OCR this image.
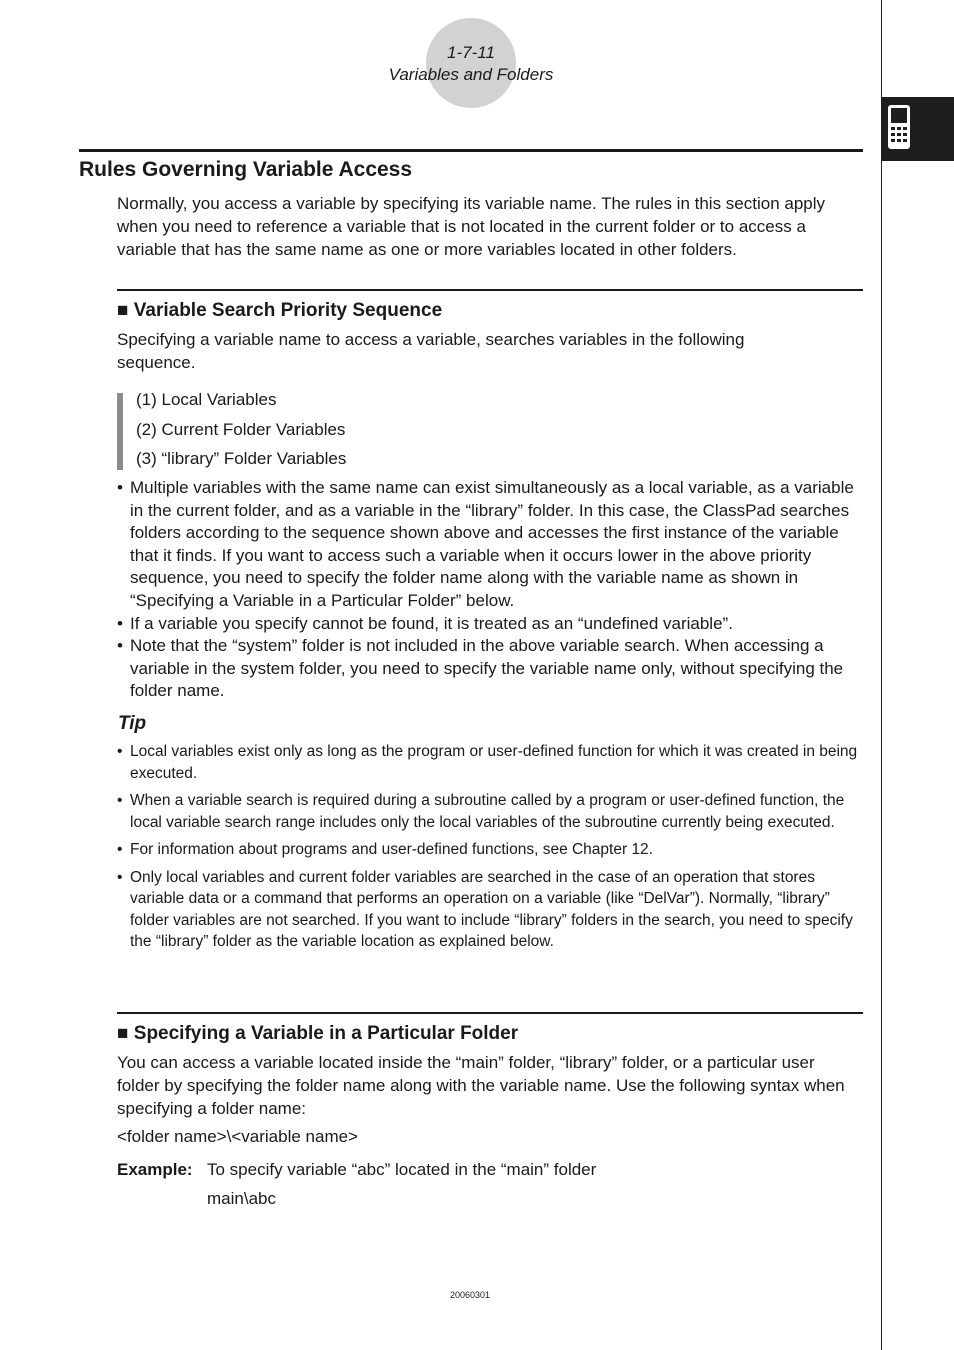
1-7-11
Variables and Folders
Rules Governing Variable Access
Normally, you access a variable by specifying its variable name. The rules in this section apply when you need to reference a variable that is not located in the current folder or to access a variable that has the same name as one or more variables located in other folders.
■ Variable Search Priority Sequence
Specifying a variable name to access a variable, searches variables in the following sequence.
(1) Local Variables
(2) Current Folder Variables
(3) “library” Folder Variables
• Multiple variables with the same name can exist simultaneously as a local variable, as a variable in the current folder, and as a variable in the “library” folder. In this case, the ClassPad searches folders according to the sequence shown above and accesses the first instance of the variable that it finds. If you want to access such a variable when it occurs lower in the above priority sequence, you need to specify the folder name along with the variable name as shown in “Specifying a Variable in a Particular Folder” below.
• If a variable you specify cannot be found, it is treated as an “undefined variable”.
• Note that the “system” folder is not included in the above variable search. When accessing a variable in the system folder, you need to specify the variable name only, without specifying the folder name.
Tip
• Local variables exist only as long as the program or user-defined function for which it was created in being executed.
• When a variable search is required during a subroutine called by a program or user-defined function, the local variable search range includes only the local variables of the subroutine currently being executed.
• For information about programs and user-defined functions, see Chapter 12.
• Only local variables and current folder variables are searched in the case of an operation that stores variable data or a command that performs an operation on a variable (like “DelVar”). Normally, “library” folder variables are not searched. If you want to include “library” folders in the search, you need to specify the “library” folder as the variable location as explained below.
■ Specifying a Variable in a Particular Folder
You can access a variable located inside the “main” folder, “library” folder, or a particular user folder by specifying the folder name along with the variable name. Use the following syntax when specifying a folder name:
<folder name>\<variable name>
Example: To specify variable “abc” located in the “main” folder
main\abc
20060301
